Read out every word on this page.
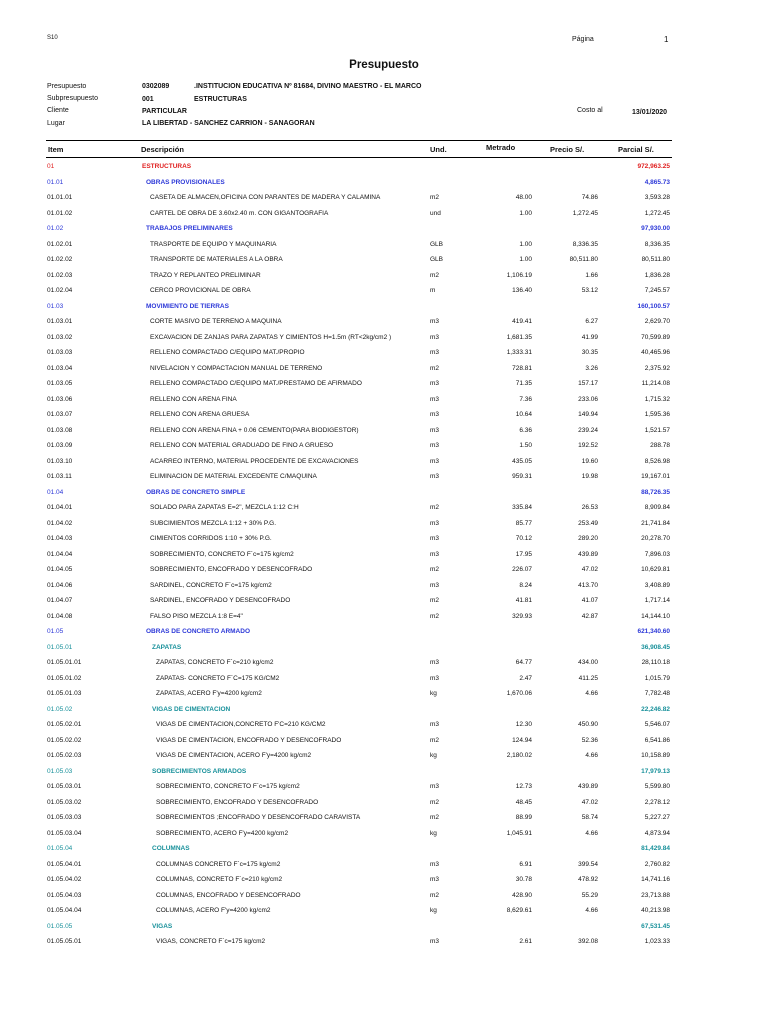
S10	Página	1
Presupuesto
Presupuesto	0302089	.INSTITUCION EDUCATIVA Nº 81684, DIVINO MAESTRO - EL MARCO
Subpresupuesto	001	ESTRUCTURAS
Cliente	PARTICULAR	Costo al	13/01/2020
Lugar	LA LIBERTAD - SANCHEZ CARRION - SANAGORAN
Item	Descripción	Und.	Metrado	Precio S/.	Parcial S/.
01	ESTRUCTURAS	972,963.25
01.01	OBRAS PROVISIONALES	4,865.73
01.01.01	CASETA DE ALMACEN,OFICINA CON PARANTES DE MADERA Y CALAMINA	m2	48.00	74.86	3,593.28
01.01.02	CARTEL DE OBRA DE 3.60x2.40 m. CON GIGANTOGRAFIA	und	1.00	1,272.45	1,272.45
01.02	TRABAJOS PRELIMINARES	97,930.00
01.02.01	TRASPORTE DE EQUIPO Y MAQUINARIA	GLB	1.00	8,336.35	8,336.35
01.02.02	TRANSPORTE DE MATERIALES A LA OBRA	GLB	1.00	80,511.80	80,511.80
01.02.03	TRAZO Y REPLANTEO PRELIMINAR	m2	1,106.19	1.66	1,836.28
01.02.04	CERCO PROVICIONAL DE OBRA	m	136.40	53.12	7,245.57
01.03	MOVIMIENTO DE TIERRAS	160,100.57
01.03.01	CORTE MASIVO DE TERRENO A MAQUINA	m3	419.41	6.27	2,629.70
01.03.02	EXCAVACION DE ZANJAS PARA ZAPATAS Y CIMIENTOS H=1.5m (RT<2kg/cm2 )	m3	1,681.35	41.99	70,599.89
01.03.03	RELLENO COMPACTADO C/EQUIPO MAT./PROPIO	m3	1,333.31	30.35	40,465.96
01.03.04	NIVELACION Y COMPACTACION MANUAL DE TERRENO	m2	728.81	3.26	2,375.92
01.03.05	RELLENO COMPACTADO C/EQUIPO MAT./PRESTAMO DE AFIRMADO	m3	71.35	157.17	11,214.08
01.03.06	RELLENO CON ARENA FINA	m3	7.36	233.06	1,715.32
01.03.07	RELLENO CON ARENA GRUESA	m3	10.64	149.94	1,595.36
01.03.08	RELLENO CON ARENA FINA + 0.06 CEMENTO(PARA BIODIGESTOR)	m3	6.36	239.24	1,521.57
01.03.09	RELLENO CON MATERIAL GRADUADO DE FINO A GRUESO	m3	1.50	192.52	288.78
01.03.10	ACARREO INTERNO, MATERIAL PROCEDENTE DE EXCAVACIONES	m3	435.05	19.60	8,526.98
01.03.11	ELIMINACION DE MATERIAL EXCEDENTE C/MAQUINA	m3	959.31	19.98	19,167.01
01.04	OBRAS DE CONCRETO SIMPLE	88,726.35
01.04.01	SOLADO PARA ZAPATAS E=2", MEZCLA 1:12 C:H	m2	335.84	26.53	8,909.84
01.04.02	SUBCIMIENTOS MEZCLA 1:12 + 30% P.G.	m3	85.77	253.49	21,741.84
01.04.03	CIMIENTOS CORRIDOS 1:10 + 30% P.G.	m3	70.12	289.20	20,278.70
01.04.04	SOBRECIMIENTO, CONCRETO F´c=175 kg/cm2	m3	17.95	439.89	7,896.03
01.04.05	SOBRECIMIENTO, ENCOFRADO Y DESENCOFRADO	m2	226.07	47.02	10,629.81
01.04.06	SARDINEL, CONCRETO F´c=175 kg/cm2	m3	8.24	413.70	3,408.89
01.04.07	SARDINEL, ENCOFRADO Y DESENCOFRADO	m2	41.81	41.07	1,717.14
01.04.08	FALSO PISO MEZCLA 1:8 E=4"	m2	329.93	42.87	14,144.10
01.05	OBRAS DE CONCRETO ARMADO	621,340.60
01.05.01	ZAPATAS	36,908.45
01.05.01.01	ZAPATAS, CONCRETO F´c=210 kg/cm2	m3	64.77	434.00	28,110.18
01.05.01.02	ZAPATAS- CONCRETO F´C=175 KG/CM2	m3	2.47	411.25	1,015.79
01.05.01.03	ZAPATAS, ACERO F'y=4200 kg/cm2	kg	1,670.06	4.66	7,782.48
01.05.02	VIGAS DE CIMENTACION	22,246.82
01.05.02.01	VIGAS DE CIMENTACION,CONCRETO F'C=210 KG/CM2	m3	12.30	450.90	5,546.07
01.05.02.02	VIGAS DE CIMENTACION, ENCOFRADO Y DESENCOFRADO	m2	124.94	52.36	6,541.86
01.05.02.03	VIGAS DE CIMENTACION, ACERO F'y=4200 kg/cm2	kg	2,180.02	4.66	10,158.89
01.05.03	SOBRECIMIENTOS ARMADOS	17,979.13
01.05.03.01	SOBRECIMIENTO, CONCRETO F´c=175 kg/cm2	m3	12.73	439.89	5,599.80
01.05.03.02	SOBRECIMIENTO, ENCOFRADO Y DESENCOFRADO	m2	48.45	47.02	2,278.12
01.05.03.03	SOBRECIMIENTOS ;ENCOFRADO Y DESENCOFRADO CARAVISTA	m2	88.99	58.74	5,227.27
01.05.03.04	SOBRECIMIENTO, ACERO F'y=4200 kg/cm2	kg	1,045.91	4.66	4,873.94
01.05.04	COLUMNAS	81,429.84
01.05.04.01	COLUMNAS CONCRETO F´c=175 kg/cm2	m3	6.91	399.54	2,760.82
01.05.04.02	COLUMNAS, CONCRETO F´c=210 kg/cm2	m3	30.78	478.92	14,741.16
01.05.04.03	COLUMNAS, ENCOFRADO Y DESENCOFRADO	m2	428.90	55.29	23,713.88
01.05.04.04	COLUMNAS, ACERO F'y=4200 kg/cm2	kg	8,629.61	4.66	40,213.98
01.05.05	VIGAS	67,531.45
01.05.05.01	VIGAS, CONCRETO F´c=175 kg/cm2	m3	2.61	392.08	1,023.33
